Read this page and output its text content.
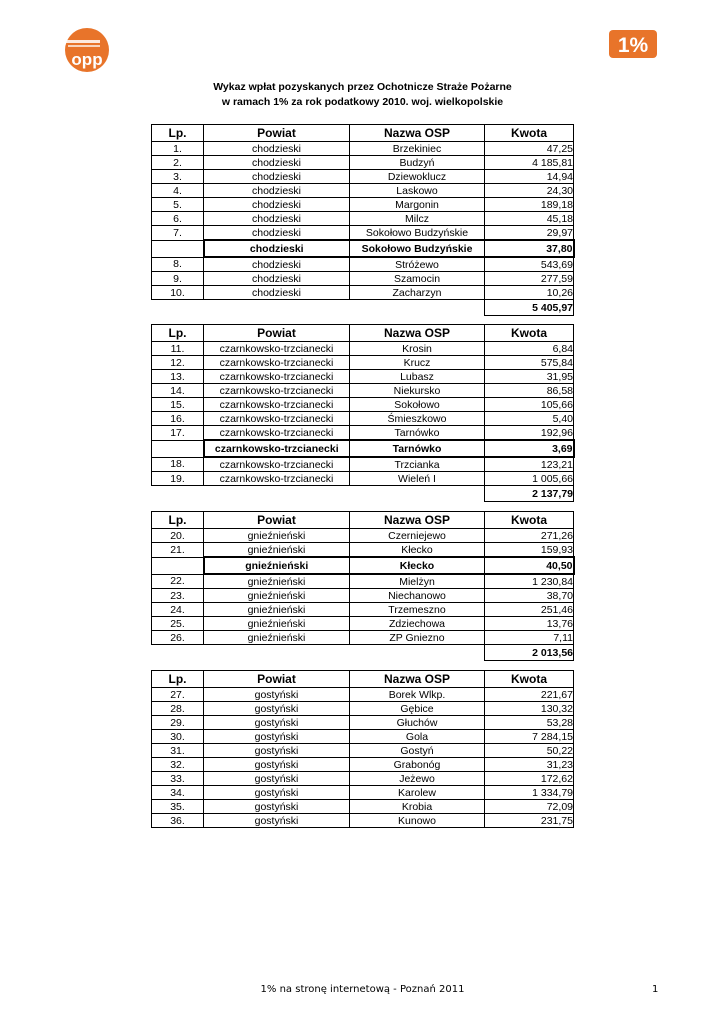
opp
1%
Wykaz wpłat pozyskanych przez Ochotnicze Straże Pożarne
w ramach 1% za rok podatkowy 2010. woj. wielkopolskie
Lp.	Powiat	Nazwa OSP	Kwota
1.	chodzieski	Brzekiniec	47,25
2.	chodzieski	Budzyń	4 185,81
3.	chodzieski	Dziewoklucz	14,94
4.	chodzieski	Laskowo	24,30
5.	chodzieski	Margonin	189,18
6.	chodzieski	Milcz	45,18
7.	chodzieski	Sokołowo Budzyńskie	29,97
	chodzieski	Sokołowo Budzyńskie	37,80
8.	chodzieski	Stróżewo	543,69
9.	chodzieski	Szamocin	277,59
10.	chodzieski	Zacharzyn	10,26
			5 405,97
Lp.	Powiat	Nazwa OSP	Kwota
11.	czarnkowsko-trzcianecki	Krosin	6,84
12.	czarnkowsko-trzcianecki	Krucz	575,84
13.	czarnkowsko-trzcianecki	Lubasz	31,95
14.	czarnkowsko-trzcianecki	Niekursko	86,58
15.	czarnkowsko-trzcianecki	Sokołowo	105,66
16.	czarnkowsko-trzcianecki	Śmieszkowo	5,40
17.	czarnkowsko-trzcianecki	Tarnówko	192,96
	czarnkowsko-trzcianecki	Tarnówko	3,69
18.	czarnkowsko-trzcianecki	Trzcianka	123,21
19.	czarnkowsko-trzcianecki	Wieleń I	1 005,66
			2 137,79
Lp.	Powiat	Nazwa OSP	Kwota
20.	gnieźnieński	Czerniejewo	271,26
21.	gnieźnieński	Kłecko	159,93
	gnieźnieński	Kłecko	40,50
22.	gnieźnieński	Mielżyn	1 230,84
23.	gnieźnieński	Niechanowo	38,70
24.	gnieźnieński	Trzemeszno	251,46
25.	gnieźnieński	Zdziechowa	13,76
26.	gnieźnieński	ZP Gniezno	7,11
			2 013,56
Lp.	Powiat	Nazwa OSP	Kwota
27.	gostyński	Borek Wlkp.	221,67
28.	gostyński	Gębice	130,32
29.	gostyński	Głuchów	53,28
30.	gostyński	Gola	7 284,15
31.	gostyński	Gostyń	50,22
32.	gostyński	Grabonóg	31,23
33.	gostyński	Jeżewo	172,62
34.	gostyński	Karolew	1 334,79
35.	gostyński	Krobia	72,09
36.	gostyński	Kunowo	231,75
1% na stronę internetową - Poznań 2011	1
